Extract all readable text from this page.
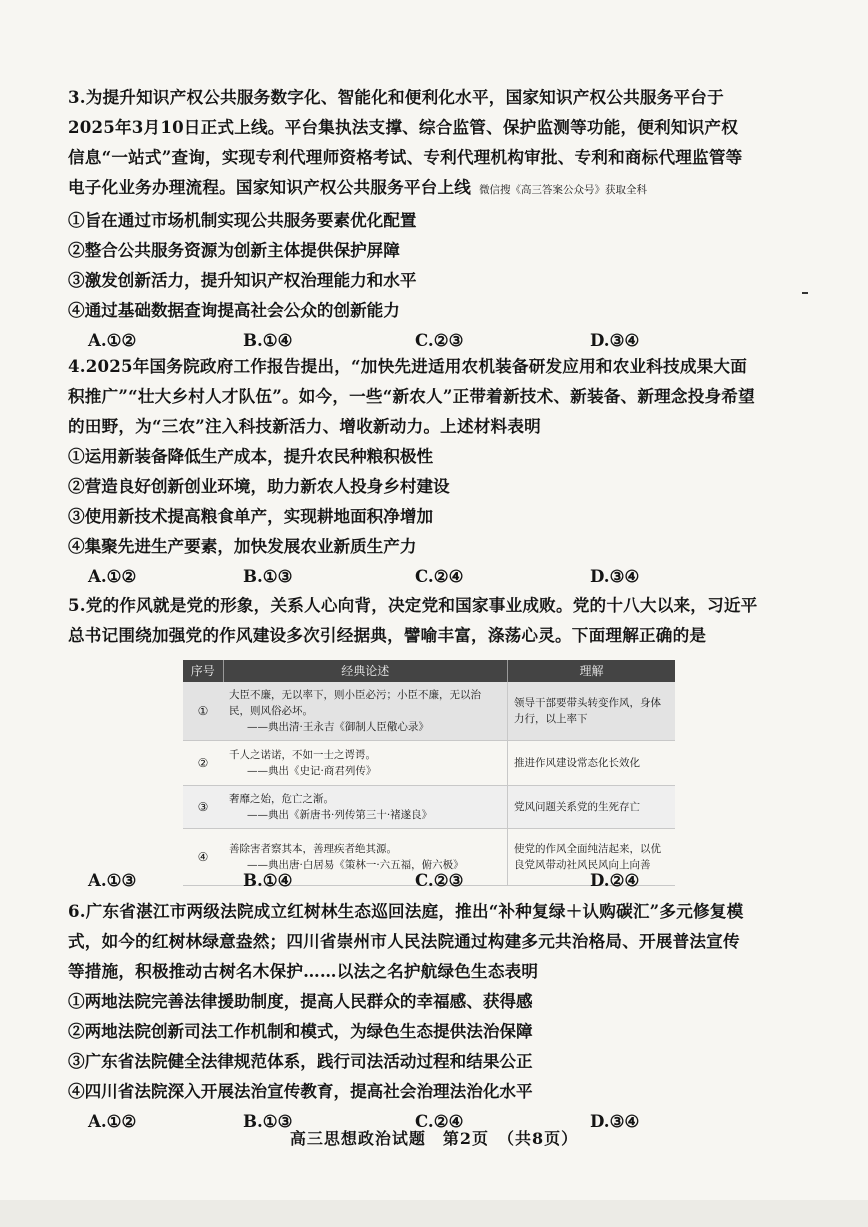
3.为提升知识产权公共服务数字化、智能化和便利化水平，国家知识产权公共服务平台于
2025年3月10日正式上线。平台集执法支撑、综合监管、保护监测等功能，便利知识产权
信息“一站式”查询，实现专利代理师资格考试、专利代理机构审批、专利和商标代理监管等
电子化业务办理流程。国家知识产权公共服务平台上线 微信搜《高三答案公众号》获取全科
①旨在通过市场机制实现公共服务要素优化配置
②整合公共服务资源为创新主体提供保护屏障
③激发创新活力，提升知识产权治理能力和水平
④通过基础数据查询提高社会公众的创新能力
A.①②	B.①④	C.②③	D.③④
4.2025年国务院政府工作报告提出，“加快先进适用农机装备研发应用和农业科技成果大面
积推广”“壮大乡村人才队伍”。如今，一些“新农人”正带着新技术、新装备、新理念投身希望
的田野，为“三农”注入科技新活力、增收新动力。上述材料表明
①运用新装备降低生产成本，提升农民种粮积极性
②营造良好创新创业环境，助力新农人投身乡村建设
③使用新技术提高粮食单产，实现耕地面积净增加
④集聚先进生产要素，加快发展农业新质生产力
A.①②	B.①③	C.②④	D.③④
5.党的作风就是党的形象，关系人心向背，决定党和国家事业成败。党的十八大以来，习近平
总书记围绕加强党的作风建设多次引经据典，譬喻丰富，涤荡心灵。下面理解正确的是
序号	经典论述	理解
①	大臣不廉，无以率下，则小臣必污；小臣不廉，无以治民，则风俗必坏。
——典出清·王永吉《御制人臣儆心录》	领导干部要带头转变作风，身体力行，以上率下
②	千人之诺诺，不如一士之谔谔。
——典出《史记·商君列传》	推进作风建设常态化长效化
③	奢靡之始，危亡之渐。
——典出《新唐书·列传第三十·褚遂良》	党风问题关系党的生死存亡
④	善除害者察其本，善理疾者绝其源。
——典出唐·白居易《策林一·六五福，俯六极》	使党的作风全面纯洁起来，以优良党风带动社风民风向上向善
A.①③	B.①④	C.②③	D.②④
6.广东省湛江市两级法院成立红树林生态巡回法庭，推出“补种复绿＋认购碳汇”多元修复模
式，如今的红树林绿意盎然；四川省崇州市人民法院通过构建多元共治格局、开展普法宣传
等措施，积极推动古树名木保护……以法之名护航绿色生态表明
①两地法院完善法律援助制度，提高人民群众的幸福感、获得感
②两地法院创新司法工作机制和模式，为绿色生态提供法治保障
③广东省法院健全法律规范体系，践行司法活动过程和结果公正
④四川省法院深入开展法治宣传教育，提高社会治理法治化水平
A.①②	B.①③	C.②④	D.③④
高三思想政治试题　第2页　（共8页）
